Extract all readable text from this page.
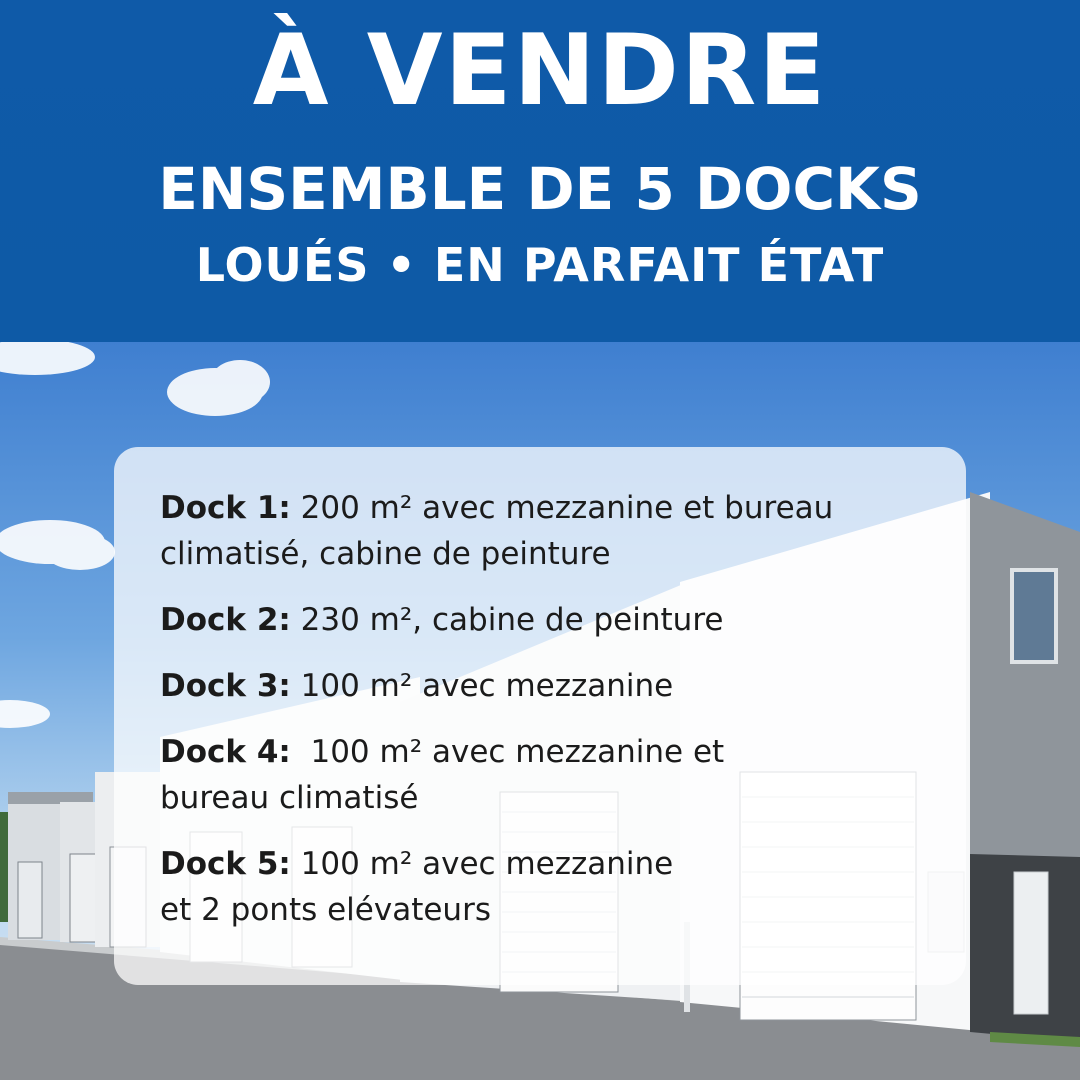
À VENDRE
ENSEMBLE DE 5 DOCKS
LOUÉS • EN PARFAIT ÉTAT
Dock 1: 200 m² avec mezzanine et bureau
climatisé, cabine de peinture
Dock 2: 230 m², cabine de peinture
Dock 3: 100 m² avec mezzanine
Dock 4:  100 m² avec mezzanine et
bureau climatisé
Dock 5: 100 m² avec mezzanine
et 2 ponts elévateurs
